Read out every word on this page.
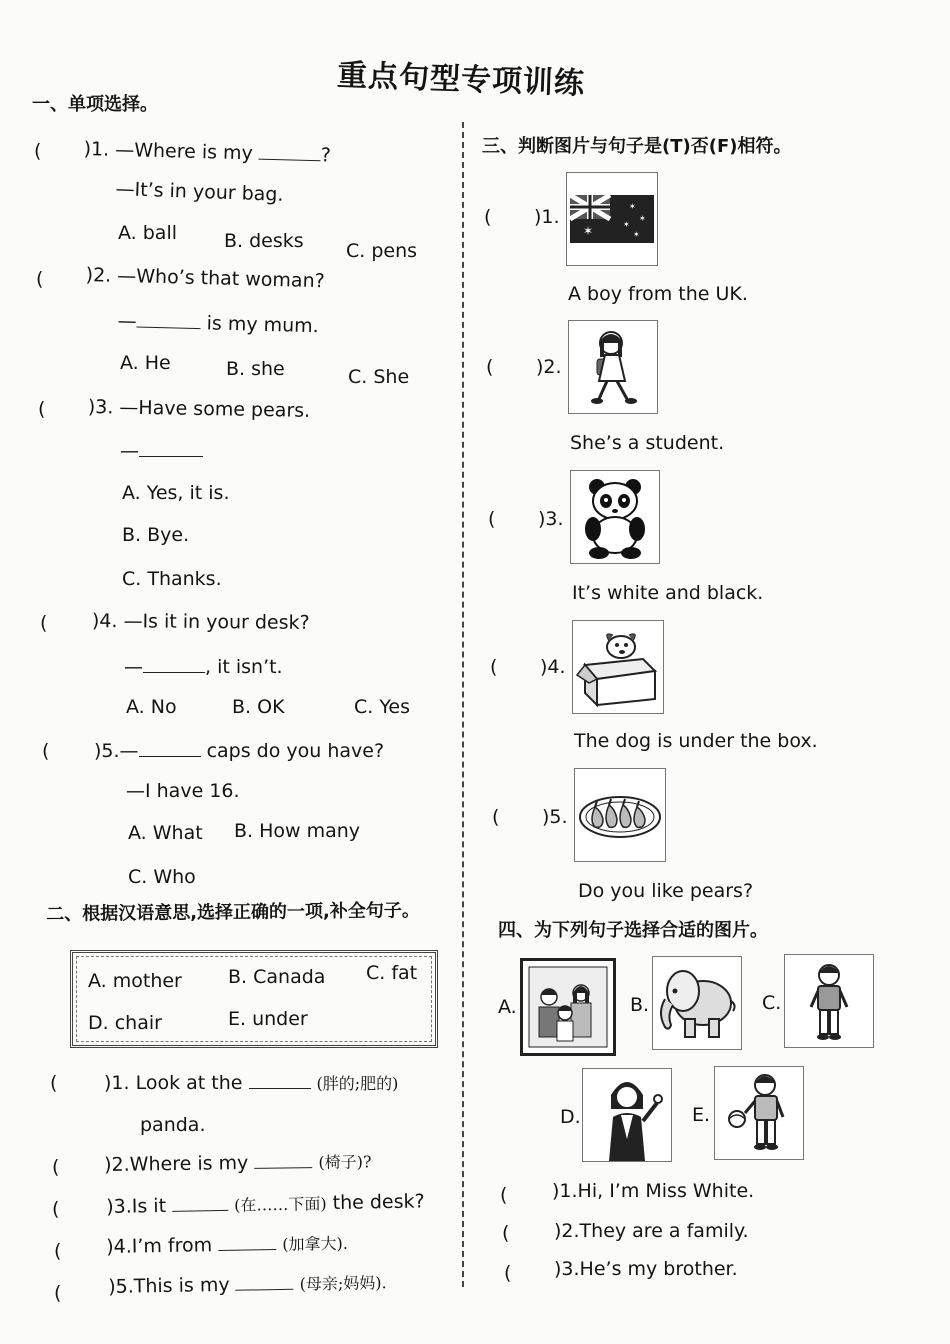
重点句型专项训练
一、单项选择。
( )1. —Where is my	?
—It’s in your bag.
A. ball B. desks C. pens
( )2. —Who’s that woman?
—	is my mum.
A. He	B. she	C. She
( )3. —Have some pears.
—
A. Yes, it is.
B. Bye.
C. Thanks.
( )4. —Is it in your desk?
—	, it isn’t.
A. No	B. OK	C. Yes
( )5.—	caps do you have?
—I have 16.
A. What B. How many
C. Who
二、根据汉语意思,选择正确的一项,补全句子。
A. mother B. Canada C. fat
D. chair	E. under
( )1. Look at the	(胖的;肥的)
panda.
( )2.Where is my	(椅子)?
( )3.Is it	(在……下面) the desk?
( )4.I’m from	(加拿大).
( )5.This is my	(母亲;妈妈).
三、判断图片与句子是(T)否(F)相符。
( )1.
✶
✶
✶
✶
✶
A boy from the UK.
( )2.
She’s a student.
( )3.
It’s white and black.
( )4.
The dog is under the box.
( )5.
Do you like pears?
四、为下列句子选择合适的图片。
A.	B.	C.
D.	E.
( )1.Hi, I’m Miss White.
( )2.They are a family.
( )3.He’s my brother.
